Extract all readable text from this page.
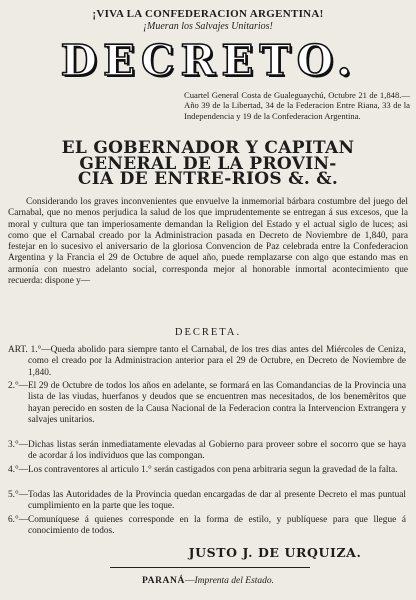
¡VIVA LA CONFEDERACION ARGENTINA!
¡Mueran los Salvajes Unitarios!
DECRETO.
Cuartel General Costa de Gualeguaychú, Octubre 21 de 1,848.—Año 39 de la Libertad, 34 de la Federacion Entre Riana, 33 de la Independencia y 19 de la Confederacion Argentina.
EL GOBERNADOR Y CAPITAN
GENERAL DE LA PROVIN-
CIA DE ENTRE-RIOS &. &.
Considerando los graves inconvenientes que envuelve la inmemorial bárbara costumbre del juego del Carnabal, que no menos perjudica la salud de los que imprudentemente se entregan á sus excesos, que la moral y cultura que tan imperiosamente demandan la Religion del Estado y el actual siglo de luces; asi como que el Carnabal creado por la Administracion pasada en Decreto de Noviembre de 1,840, para festejar en lo sucesivo el aniversario de la gloriosa Convencion de Paz celebrada entre la Confederacion Argentina y la Francia el 29 de Octubre de aquel año, puede remplazarse con algo que estando mas en armonía con nuestro adelanto social, corresponda mejor al honorable inmortal acontecimiento que recuerda: dispone y—
DECRETA.
ART. 1.°—Queda abolido para siempre tanto el Carnabal, de los tres dias antes del Miércoles de Ceniza, como el creado por la Administracion anterior para el 29 de Octubre, en Decreto de Noviembre de 1,840.
2.°—El 29 de Octubre de todos los años en adelante, se formará en las Comandancias de la Provincia una lista de las viudas, huerfanos y deudos que se encuentren mas necesitados, de los benemêritos que hayan perecido en sosten de la Causa Nacional de la Federacion contra la Intervencion Extrangera y salvajes unitarios.
3.°—Dichas listas serán inmediatamente elevadas al Gobierno para proveer sobre el socorro que se haya de acordar á los individuos que las compongan.
4.°—Los contraventores al articulo 1.° serán castigados con pena arbitraria segun la gravedad de la falta.
5.°—Todas las Autoridades de la Provincia quedan encargadas de dar al presente Decreto el mas puntual cumplimiento en la parte que les toque.
6.°—Comuníquese á quienes corresponde en la forma de estilo, y publíquese para que llegue á conocimiento de todos.
JUSTO J. DE URQUIZA.
PARANÁ—Imprenta del Estado.
